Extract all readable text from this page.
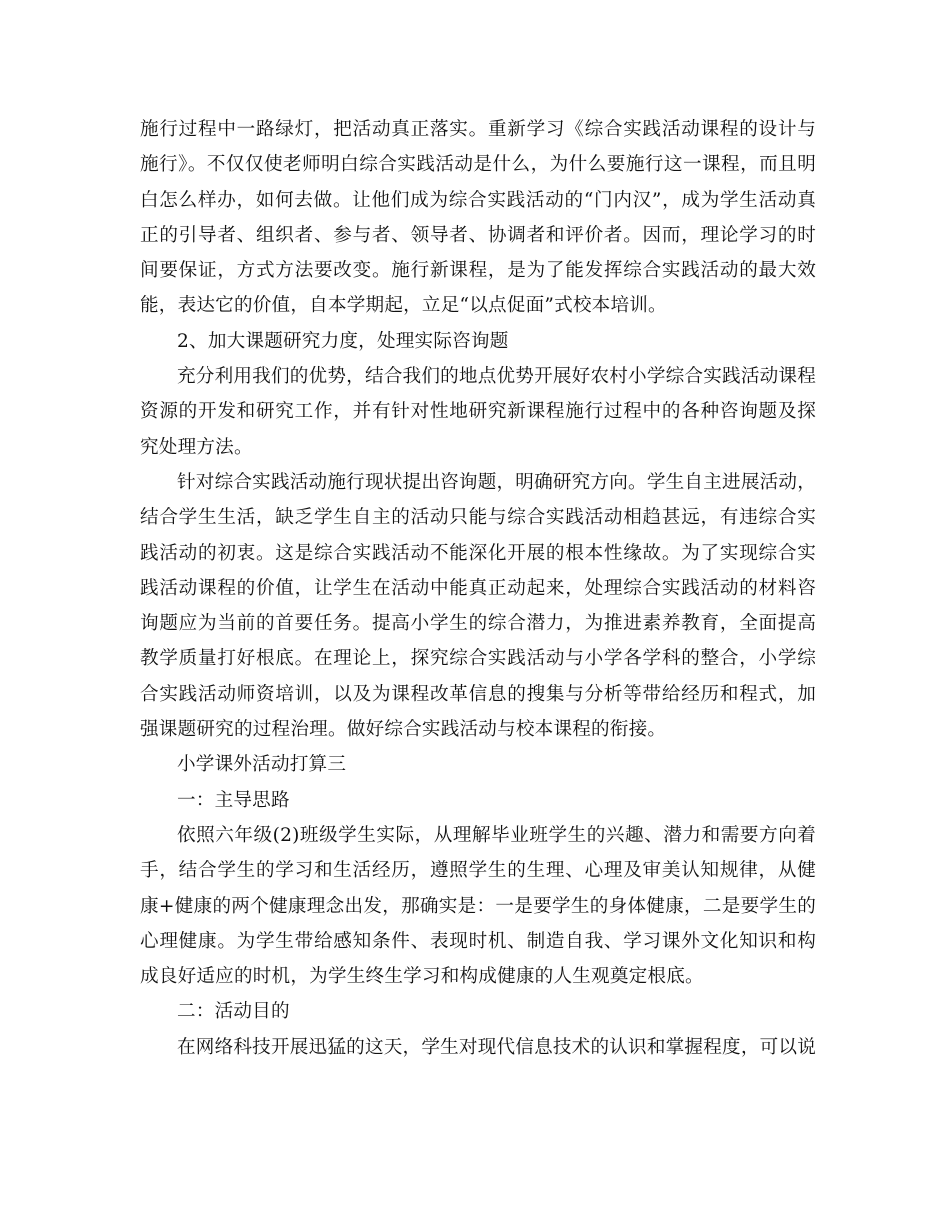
施行过程中一路绿灯，把活动真正落实。重新学习《综合实践活动课程的设计与施行》。不仅仅使老师明白综合实践活动是什么，为什么要施行这一课程，而且明白怎么样办，如何去做。让他们成为综合实践活动的“门内汉”，成为学生活动真正的引导者、组织者、参与者、领导者、协调者和评价者。因而，理论学习的时间要保证，方式方法要改变。施行新课程，是为了能发挥综合实践活动的最大效能，表达它的价值，自本学期起，立足“以点促面”式校本培训。

2、加大课题研究力度，处理实际咨询题

充分利用我们的优势，结合我们的地点优势开展好农村小学综合实践活动课程资源的开发和研究工作，并有针对性地研究新课程施行过程中的各种咨询题及探究处理方法。

针对综合实践活动施行现状提出咨询题，明确研究方向。学生自主进展活动，结合学生生活，缺乏学生自主的活动只能与综合实践活动相趋甚远，有违综合实践活动的初衷。这是综合实践活动不能深化开展的根本性缘故。为了实现综合实践活动课程的价值，让学生在活动中能真正动起来，处理综合实践活动的材料咨询题应为当前的首要任务。提高小学生的综合潜力，为推进素养教育，全面提高教学质量打好根底。在理论上，探究综合实践活动与小学各学科的整合，小学综合实践活动师资培训，以及为课程改革信息的搜集与分析等带给经历和程式，加强课题研究的过程治理。做好综合实践活动与校本课程的衔接。

小学课外活动打算三

一：主导思路

依照六年级(2)班级学生实际，从理解毕业班学生的兴趣、潜力和需要方向着手，结合学生的学习和生活经历，遵照学生的生理、心理及审美认知规律，从健康+健康的两个健康理念出发，那确实是：一是要学生的身体健康，二是要学生的心理健康。为学生带给感知条件、表现时机、制造自我、学习课外文化知识和构成良好适应的时机，为学生终生学习和构成健康的人生观奠定根底。

二：活动目的

在网络科技开展迅猛的这天，学生对现代信息技术的认识和掌握程度，可以说
